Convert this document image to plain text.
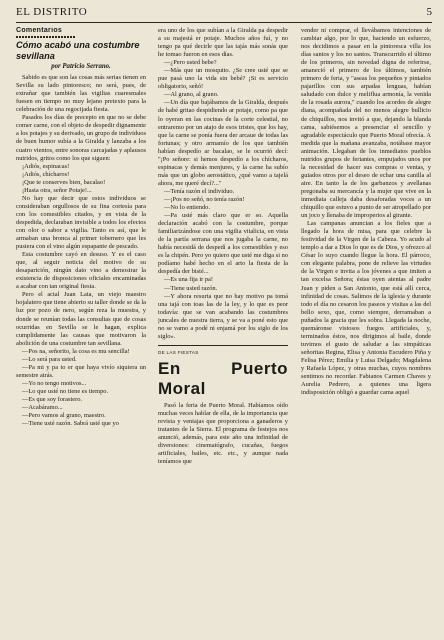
EL DISTRITO	5
Comentarios
Cómo acabó una costumbre sevillana
por Patricio Serrano.

Sabido es que son las cosas más serias tienen en Sevilla su lado pintoresco; no será, pues, de extrañar que también las vigilias cuaresmales fuesen en tiempo no muy lejano pretexto para la celebración de una regocijada fiesta.

Pasados los días de precepto en que no se debe comer carne, con el objeto de despedir dignamente a los potajes y su derivado, un grupo de individuos de buen humor subía a la Giralda y lanzaba a los cuatro vientos, entre sonoras carcajadas y aplausos nutridos, gritos como los que siguen:

¡Adiós, espinacas!

¡Adiós, chícharos!

¡Que te conserves bien, bacalao!

¡Hasta otra, señor Potaje!...

No hay que decir que estos individuos se consideraban orgullosos de su fina cortesía para con los comestibles citados, y en vista de la despedida, declaraban invisible a todos los efectos con olor o sabor a vigilia. Tanto es así, que le armaban una bronca al primer tobernero que les pusiera con el vino algún espapante de pescado.

Esta costumbre cayó en desuso. Y es el caso que, al seguir noticia del motivo de su desaparición, ningún dato vino a demostrar la existencia de disposiciones oficiales encaminadas a acabar con tan original fiesta.

Pero el actal Juan Lata, un viejo maestro hojalatero que tiene abierto su taller donde se da la luz por pozo de nero, según reza la muestra, y donde se reunían todas las consultas que de cosas ocurridas en Sevilla se le hagan, explica cumplidamente las causas que motivaron la abolición de una costumbre tan sevillana.

—Pos na, señorito, la cosa es mu sencilla!

—Lo será para usted.

—Pa mi y pa to er que haya vivío siquiera un semestre atrás.

—Yo no tengo motivos...

—Lo que usté no tiene es tiempo.

—Es que soy forastero.

—Acabáramo...

—Pero vamos al grano, maestro.

—Tiene usté razón. Sabrá usté que yo

era uno de los que subían a la Giralda pa despedir a su majestá er potaje. Muchos años fuí, y no tengo pa qué decirle que las tajás más sonás que he tomao fueron en esos días.

—¿Pero usted bebe?

—Más que un mosquito. ¿Se cree usté que se pue pasá uno la vida sin bebé? ¡Si es servicio obligatorio, señó!

—Al grano, al grano.

—Un día que bajábamos de la Giralda, después de habé gritao despidiendo ar potaje, como pa que lo oyeran en las cocinas de la corte celestial, no entraremo por un atajo de esos tristes, que los hay, que la carne se ponía fuera der arcaue de todas las fortunas; y otro armamío de los que también habían despedío ar bacalao, se le ocurrió decí: "¡Po señore: si hemos despedío a los chícharos, espinacas y demás menjures, y la carne ha subío más que un globo aerostático, ¿qué vamo a tajelá ahora, me queré decí?..."

—Tenía razón el individuo.

—¡Pos no señó, no tenía razón!

—No lo entiendo.

—Pa usté más claro que er so. Aquella declaración acabó con la costumbre, porque familiarizándose con una vigilia vitalicia, en vista de la partía serrana que nos jugaba la carne, no había necesidá de despedí a los comestibles y eso es la chipén. Pero yo quiero que usté me diga si no podíamo habé hecho en el arto la fiesta de la despedía der bisté...

—Es una fija ir pa!

—Tiene usted razón.

—Y ahora resurta que no hay motivo pa tomá una tajá con toas las de la ley, y lo que es peor todavía: que se van acabando las costumbres juncales de nuestra tierra, y se va a poné esto que no se vamo a podé ni enjamá por los siglo de los siglo».

DE LAS FIESTAS
En Puerto Moral

Pasó la feria de Puerto Moral. Habíamos oído muchas veces hablar de ella, de la importancia que revista y ventajas que proporciona a ganaderos y tratantes de la Sierra. El programa de festejos nos anunció, además, para este año una infinidad de diversiones: cinematógrafo, cucañas, fuegos artificiales, bailes, etc. etc., y aunque nada teníamos que

vender ni comprar, el llevábamos intenciones de cambiar algo, por lo que, haciendo un esfuerzo, nos decidimos a pasar en la pintoresca villa los días santos y los no santos. Transcurrido el último de los primeros, sin novedad digna de referirse, amaneció el primero de los últimos, también primero de feria, y "aseas los pequeños y pintados pajarillos con sus arpadas lenguas, habían saludado con dulce y meliflua armonía, la venida de la rosada aurora," cuando los acordes de alegre diana, acompañada del no menos alegre bullicio de chiquillos, nos invitó a que, dejando la blanda cama, sabiésemos a presenciar el sencillo y agradable espectáculo que Puerto Moral ofrecía. A medida que la mañana avanzaba, notábase mayor animación. Llegaban de los inmediatos pueblos nutridos grupos de feriantes, empujados unos por la necesidad de hacer sus compras o ventas, y guiados otros por el deseo de echar una canilla al aire. En tanto la de los garbanzos y avellanas pregonaba su mercancía y la mujer que vive en la inmediata calleja daba desaforadas voces a un chiquillo que estuvo a punto de ser atropellado por un joco y llenaba de improperios al girante.

Las campanas anuncian a los fieles que a llegado la hora de misa, para que celebre la festividad de la Virgen de la Cabeza. Yo acudo al templo a dar a Dios lo que es de Dios, y ofrezco al César lo suyo cuando llegue la hora. El párroco, con elegante palabra, pone de relieve las virtudes de la Virgen e invita a los jóvenes a que imiten a tan excelsa Señora; éstas oyen atentas al padre Juan y piden a San Antonio, que está allí cerca, infinidad de cosas. Salimos de la iglesia y durante todo el día no cesaron los paseos y visitas a las del bello sexo, que, como siempre, derramaban a puñados la gracia que les sobra. Llegada la noche, quemáronse vistosos fuegos artificiales, y, terminados éstos, nos dirigimos al baile, donde tuvimos el gusto de saludar a las simpáticas señoritas Regina, Elisa y Antonia Escudero Piña y Felisa Pérez; Emilia y Luisa Delgado; Magdalena y Rafaela López, y otras muchas, cuyos nombres sentimos no recordar. Fabianos Carmen Chaves y Aurelia Pedrero, a quienes una ligera indisposición obligó a guardar cama aquel
